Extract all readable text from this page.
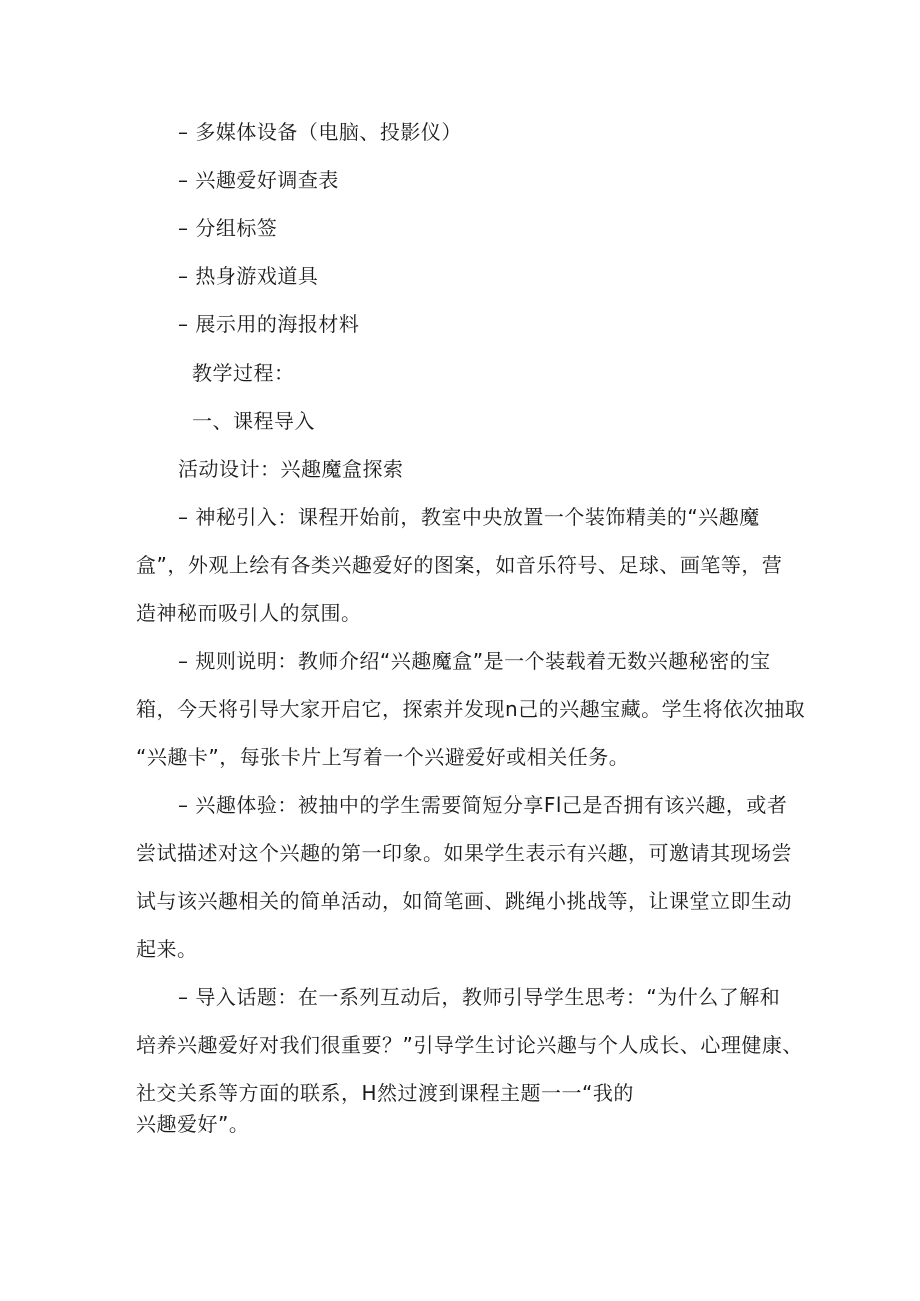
– 多媒体设备（电脑、投影仪）
– 兴趣爱好调查表
– 分组标签
– 热身游戏道具
– 展示用的海报材料
教学过程：
一、课程导入
活动设计：兴趣魔盒探索
– 神秘引入：课程开始前，教室中央放置一个装饰精美的“兴趣魔
盒”，外观上绘有各类兴趣爱好的图案，如音乐符号、足球、画笔等，营
造神秘而吸引人的氛围。
– 规则说明：教师介绍“兴趣魔盒”是一个装载着无数兴趣秘密的宝
箱，今天将引导大家开启它，探索并发现n己的兴趣宝藏。学生将依次抽取
“兴趣卡”，每张卡片上写着一个兴避爱好或相关任务。
– 兴趣体验：被抽中的学生需要简短分享Fl己是否拥有该兴趣，或者
尝试描述对这个兴趣的第一印象。如果学生表示有兴趣，可邀请其现场尝
试与该兴趣相关的简单活动，如简笔画、跳绳小挑战等，让课堂立即生动
起来。
– 导入话题：在一系列互动后，教师引导学生思考：“为什么了解和
培养兴趣爱好对我们很重要？”引导学生讨论兴趣与个人成长、心理健康、
社交关系等方面的联系，H然过渡到课程主题一一“我的
兴趣爱好”。
